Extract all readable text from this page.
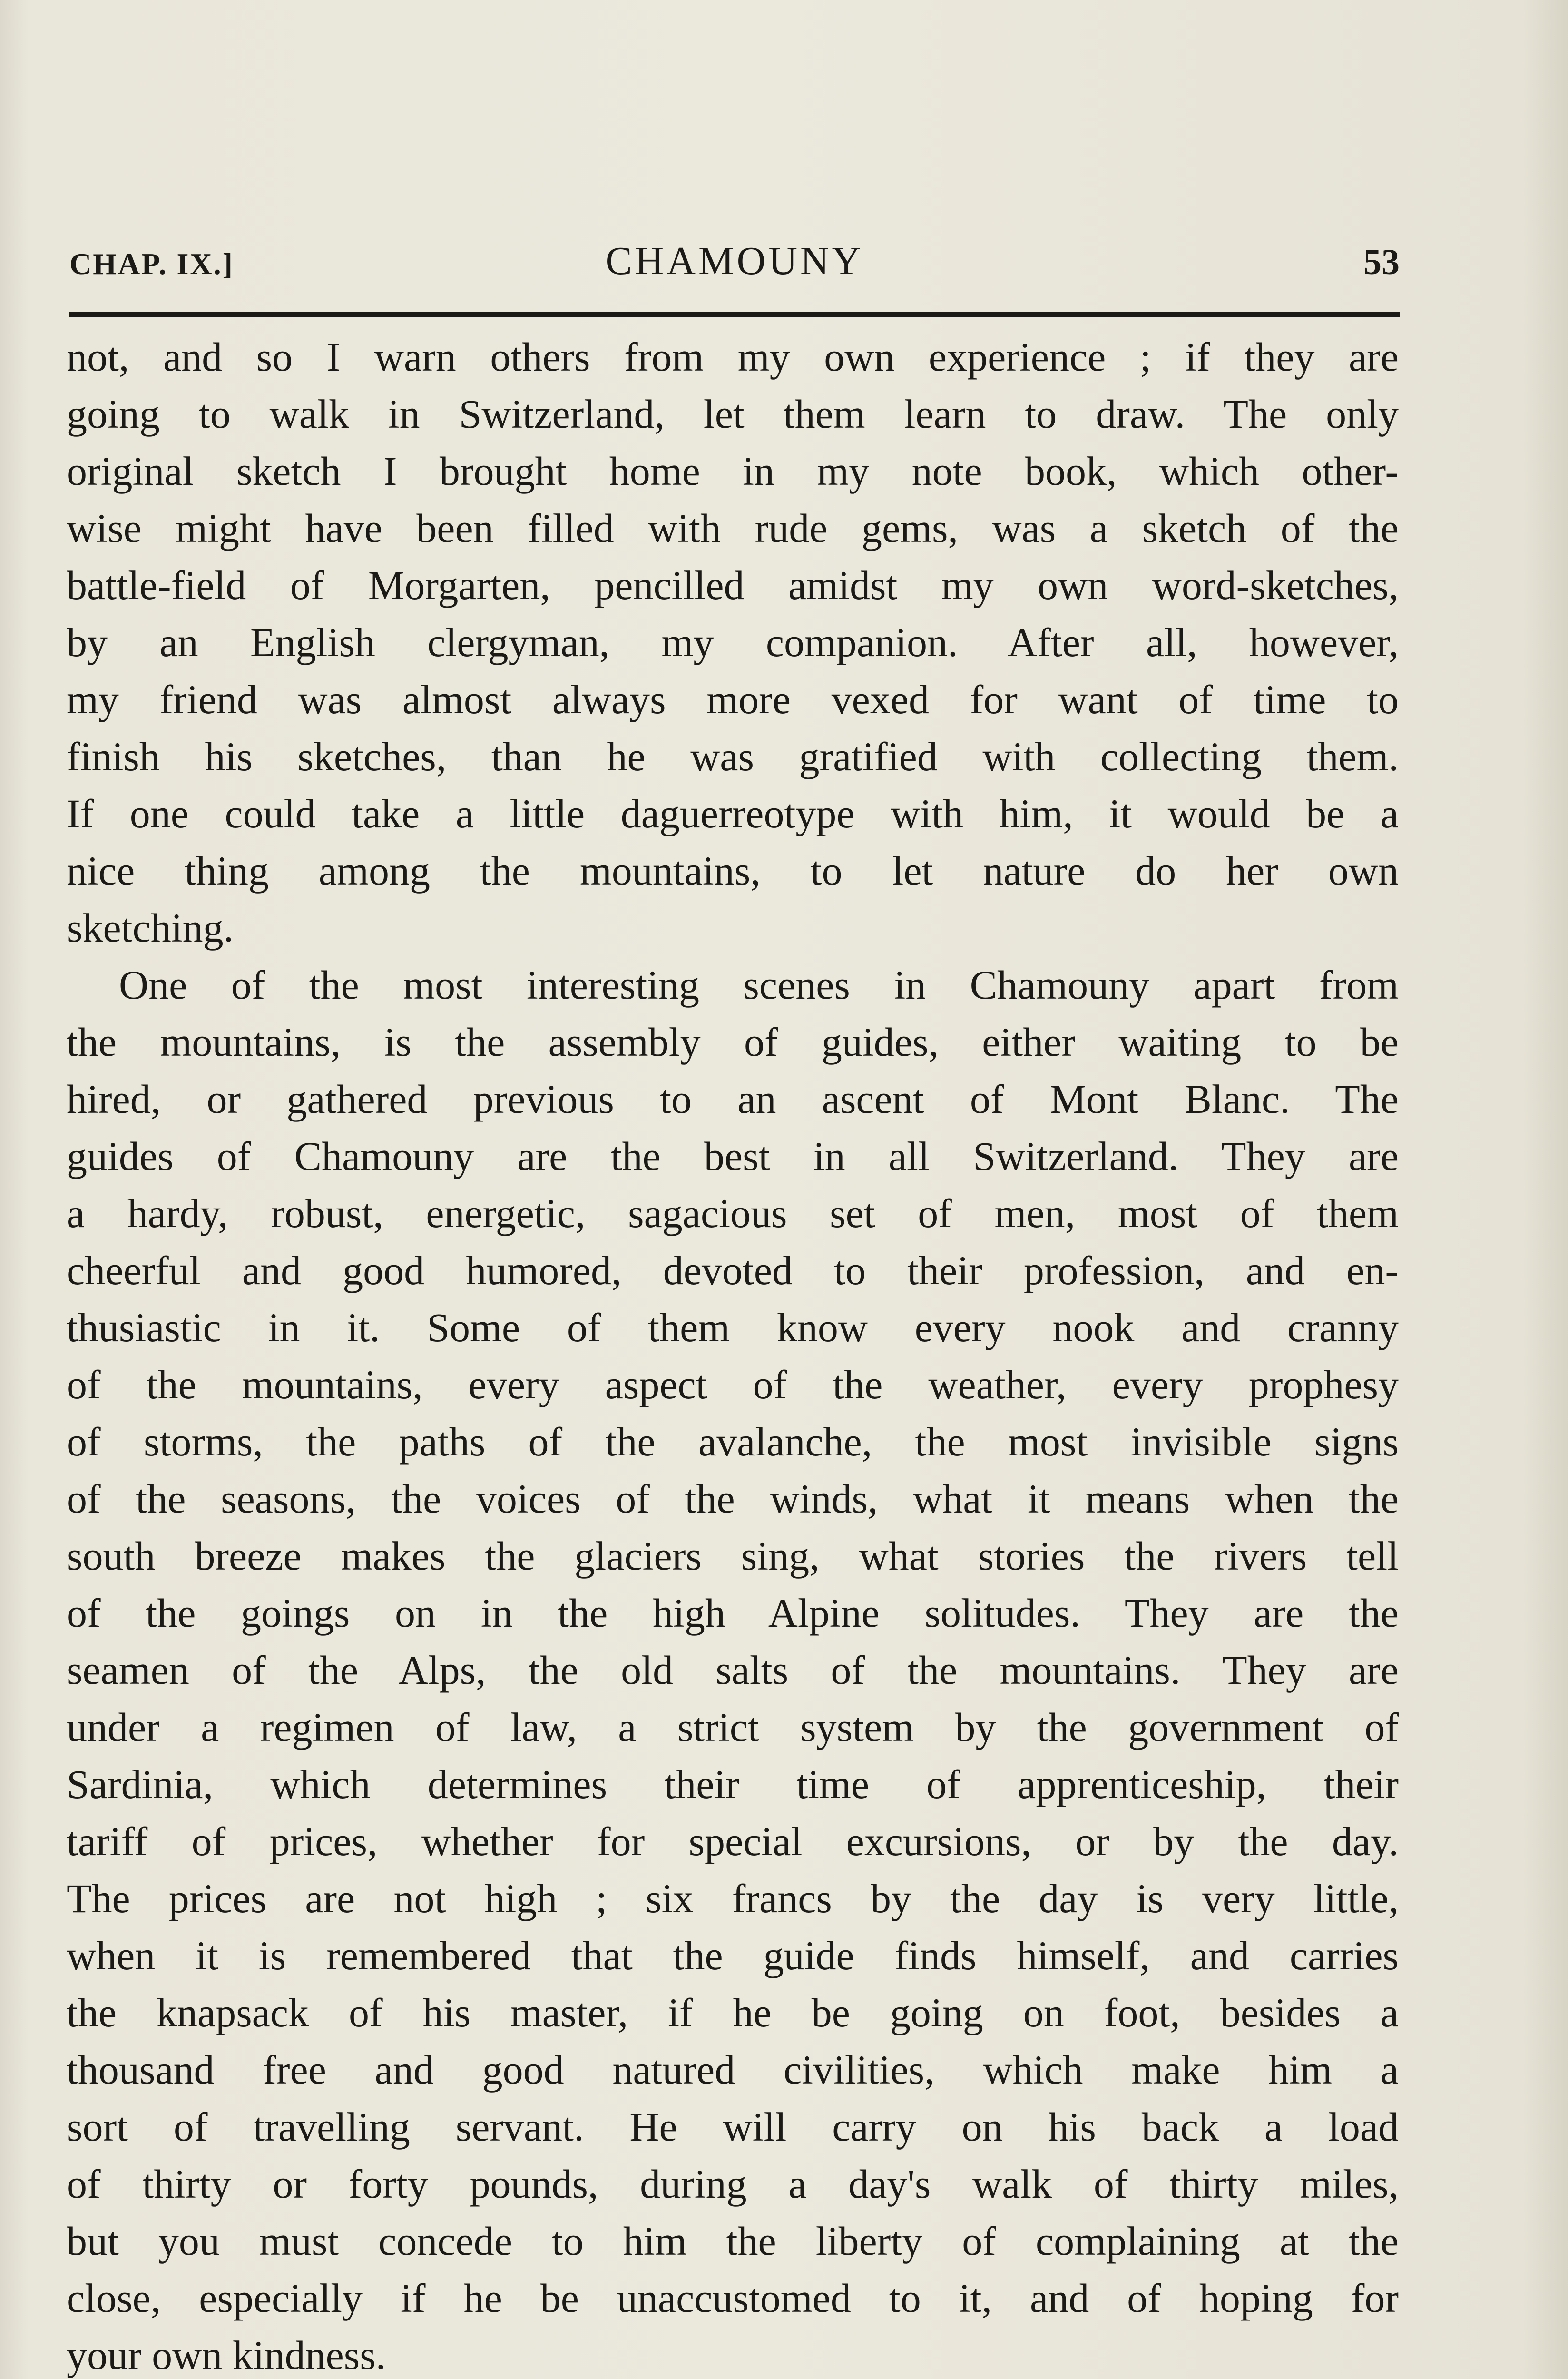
CHAP. IX.]	CHAMOUNY	53
not, and so I warn others from my own experience ; if they are
going to walk in Switzerland, let them learn to draw. The only
original sketch I brought home in my note book, which other-
wise might have been filled with rude gems, was a sketch of the
battle-field of Morgarten, pencilled amidst my own word-sketches,
by an English clergyman, my companion. After all, however,
my friend was almost always more vexed for want of time to
finish his sketches, than he was gratified with collecting them.
If one could take a little daguerreotype with him, it would be a
nice thing among the mountains, to let nature do her own
sketching.
One of the most interesting scenes in Chamouny apart from
the mountains, is the assembly of guides, either waiting to be
hired, or gathered previous to an ascent of Mont Blanc. The
guides of Chamouny are the best in all Switzerland. They are
a hardy, robust, energetic, sagacious set of men, most of them
cheerful and good humored, devoted to their profession, and en-
thusiastic in it. Some of them know every nook and cranny
of the mountains, every aspect of the weather, every prophesy
of storms, the paths of the avalanche, the most invisible signs
of the seasons, the voices of the winds, what it means when the
south breeze makes the glaciers sing, what stories the rivers tell
of the goings on in the high Alpine solitudes. They are the
seamen of the Alps, the old salts of the mountains. They are
under a regimen of law, a strict system by the government of
Sardinia, which determines their time of apprenticeship, their
tariff of prices, whether for special excursions, or by the day.
The prices are not high ; six francs by the day is very little,
when it is remembered that the guide finds himself, and carries
the knapsack of his master, if he be going on foot, besides a
thousand free and good natured civilities, which make him a
sort of travelling servant. He will carry on his back a load
of thirty or forty pounds, during a day's walk of thirty miles,
but you must concede to him the liberty of complaining at the
close, especially if he be unaccustomed to it, and of hoping for
your own kindness.
